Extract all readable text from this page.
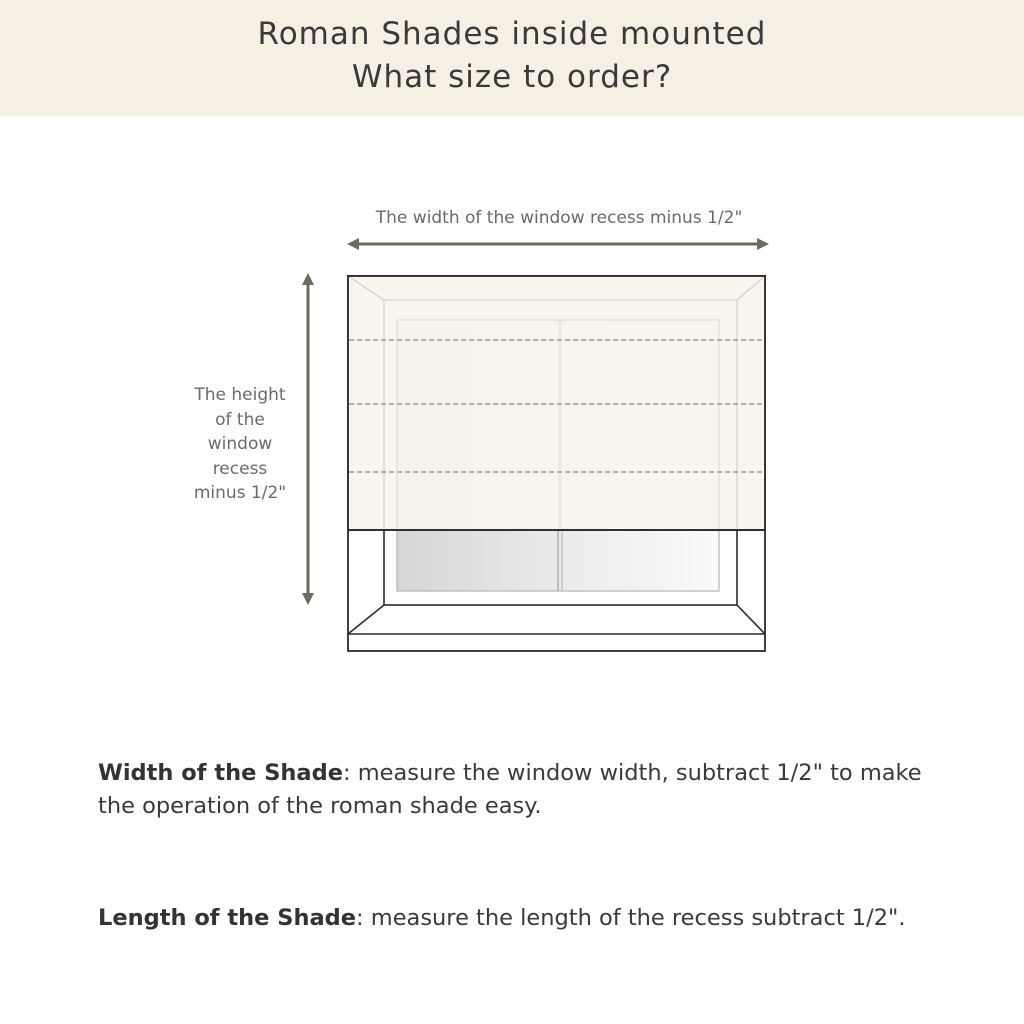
Roman Shades inside mounted
What size to order?
The width of the window recess minus 1/2"
The height
of the
window
recess
minus 1/2"

Width of the Shade: measure the window width, subtract 1/2" to make the operation of the roman shade easy.

Length of the Shade: measure the length of the recess subtract 1/2".
